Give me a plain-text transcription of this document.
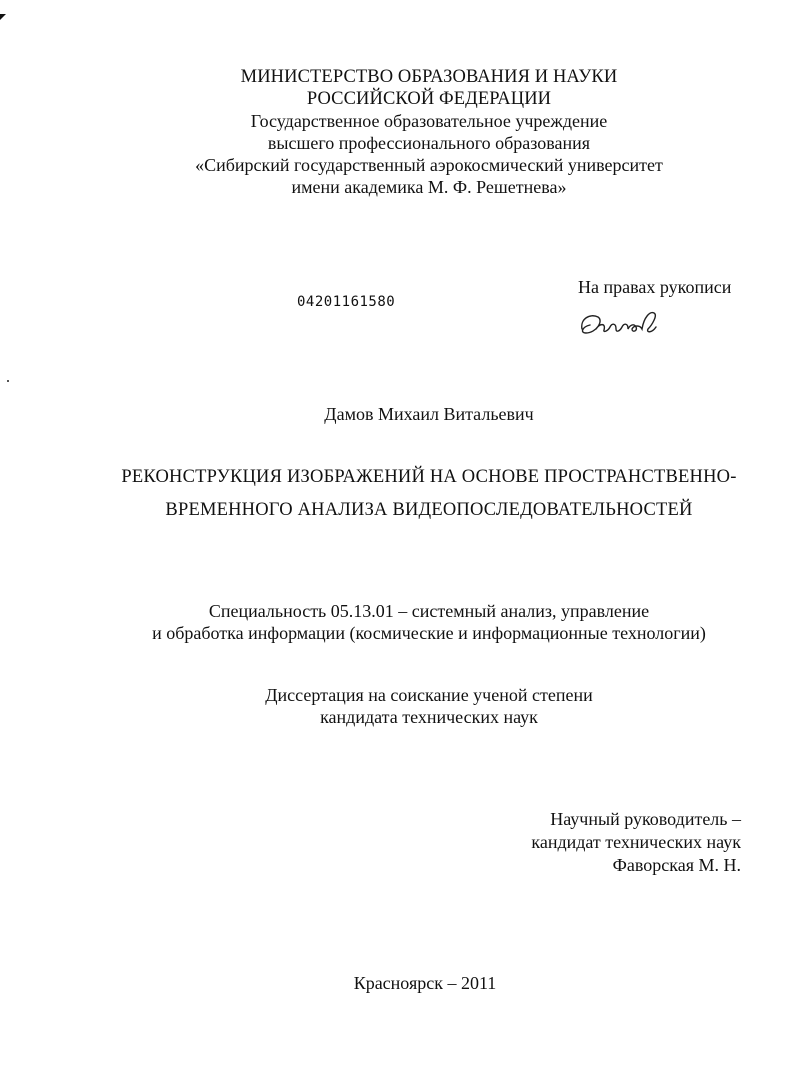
МИНИСТЕРСТВО ОБРАЗОВАНИЯ И НАУКИ
РОССИЙСКОЙ ФЕДЕРАЦИИ
Государственное образовательное учреждение
высшего профессионального образования
«Сибирский государственный аэрокосмический университет
имени академика М. Ф. Решетнева»
04201161580
На правах рукописи
Дамов Михаил Витальевич
РЕКОНСТРУКЦИЯ ИЗОБРАЖЕНИЙ НА ОСНОВЕ ПРОСТРАНСТВЕННО-
ВРЕМЕННОГО АНАЛИЗА ВИДЕОПОСЛЕДОВАТЕЛЬНОСТЕЙ
Специальность 05.13.01 – системный анализ, управление
и обработка информации (космические и информационные технологии)
Диссертация на соискание ученой степени
кандидата технических наук
Научный руководитель –
кандидат технических наук
Фаворская М. Н.
Красноярск – 2011
